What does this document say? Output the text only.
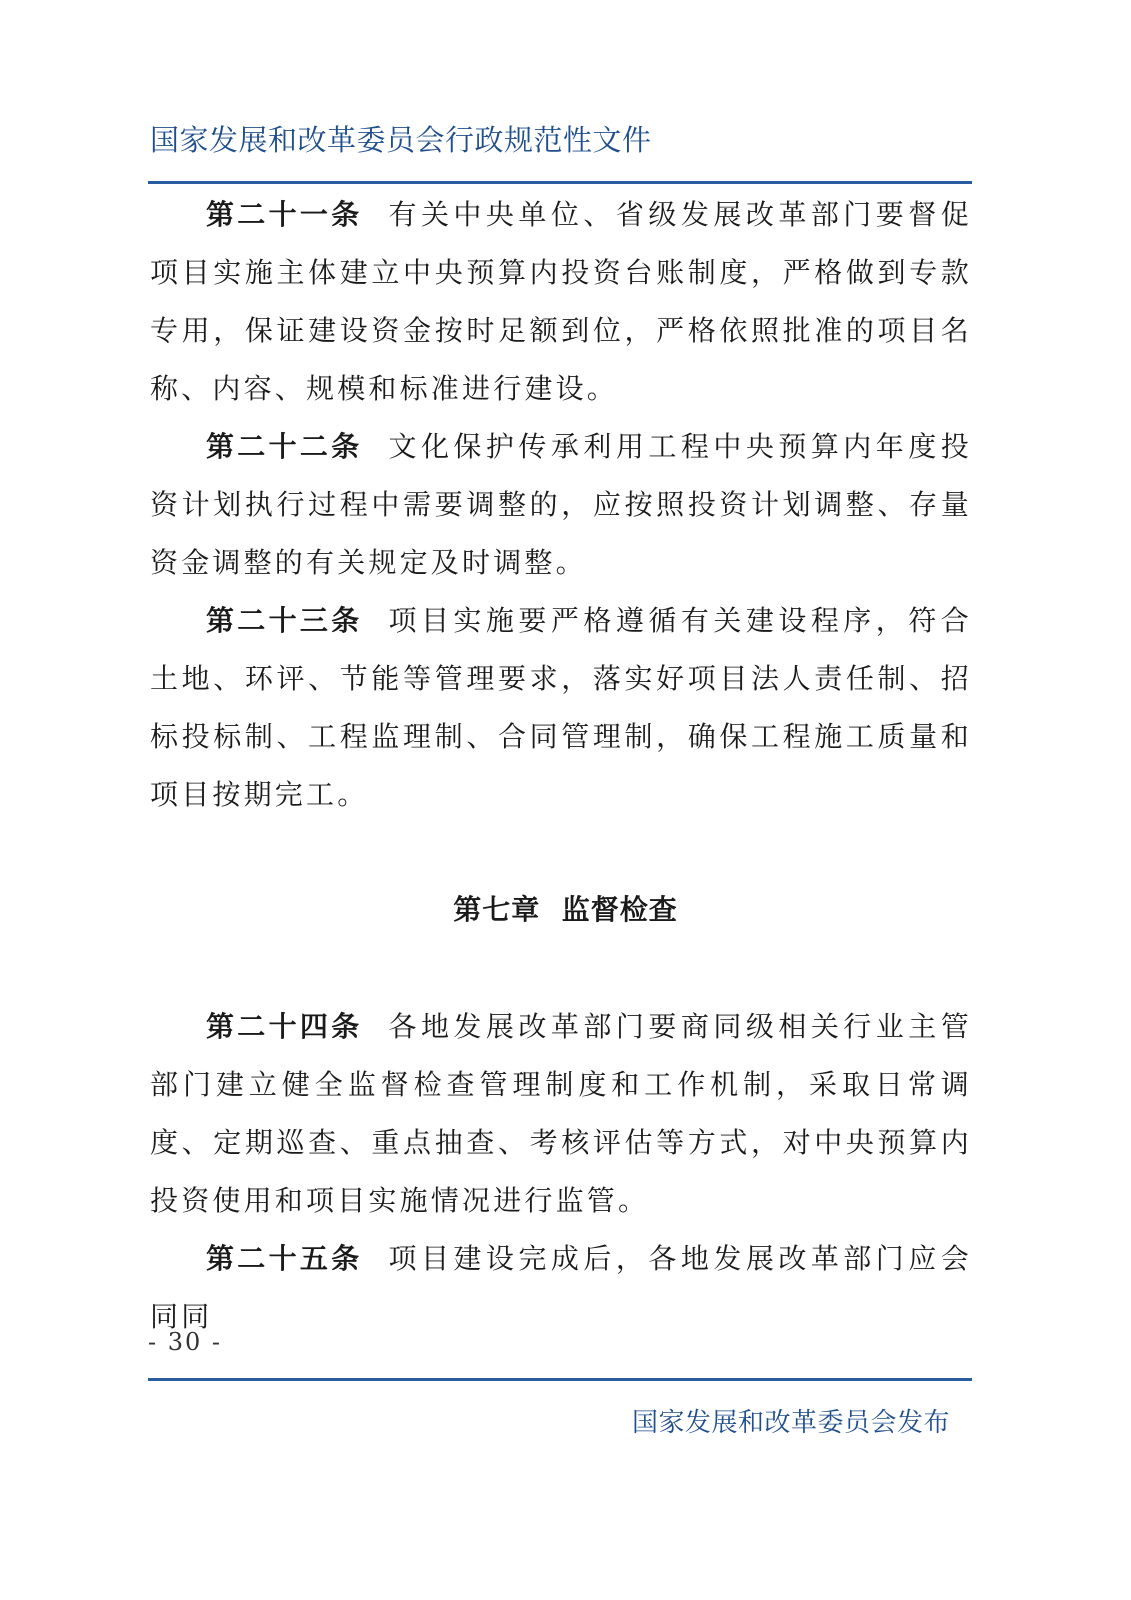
国家发展和改革委员会行政规范性文件

第二十一条 有关中央单位、省级发展改革部门要督促项目实施主体建立中央预算内投资台账制度，严格做到专款专用，保证建设资金按时足额到位，严格依照批准的项目名称、内容、规模和标准进行建设。

第二十二条 文化保护传承利用工程中央预算内年度投资计划执行过程中需要调整的，应按照投资计划调整、存量资金调整的有关规定及时调整。

第二十三条 项目实施要严格遵循有关建设程序，符合土地、环评、节能等管理要求，落实好项目法人责任制、招标投标制、工程监理制、合同管理制，确保工程施工质量和项目按期完工。

第七章  监督检查

第二十四条 各地发展改革部门要商同级相关行业主管部门建立健全监督检查管理制度和工作机制，采取日常调度、定期巡查、重点抽查、考核评估等方式，对中央预算内投资使用和项目实施情况进行监管。

第二十五条 项目建设完成后，各地发展改革部门应会同同

- 30 -
国家发展和改革委员会发布
